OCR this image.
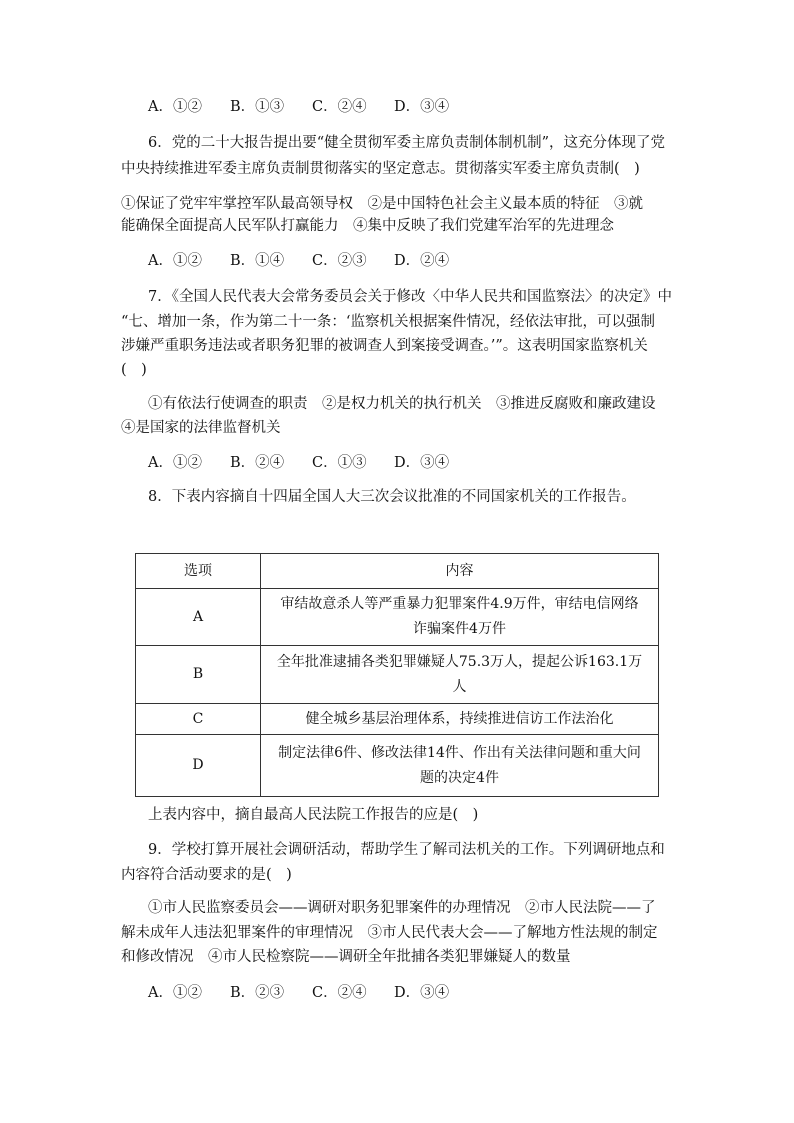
A．①② B．①③ C．②④ D．③④
6．党的二十大报告提出要“健全贯彻军委主席负责制体制机制”，这充分体现了党
中央持续推进军委主席负责制贯彻落实的坚定意志。贯彻落实军委主席负责制(　)
①保证了党牢牢掌控军队最高领导权　②是中国特色社会主义最本质的特征　③就
能确保全面提高人民军队打赢能力　④集中反映了我们党建军治军的先进理念
A．①② B．①④ C．②③ D．②④
7．《全国人民代表大会常务委员会关于修改〈中华人民共和国监察法〉的决定》中
“七、增加一条，作为第二十一条：‘监察机关根据案件情况，经依法审批，可以强制
涉嫌严重职务违法或者职务犯罪的被调查人到案接受调查。’”。这表明国家监察机关
(　)
①有依法行使调查的职责　②是权力机关的执行机关　③推进反腐败和廉政建设
④是国家的法律监督机关
A．①② B．②④ C．①③ D．③④
8．下表内容摘自十四届全国人大三次会议批准的不同国家机关的工作报告。
选项	内容
A	审结故意杀人等严重暴力犯罪案件4.9万件，审结电信网络
诈骗案件4万件
B	全年批准逮捕各类犯罪嫌疑人75.3万人，提起公诉163.1万
人
C	健全城乡基层治理体系，持续推进信访工作法治化
D	制定法律6件、修改法律14件、作出有关法律问题和重大问
题的决定4件
上表内容中，摘自最高人民法院工作报告的应是(　)
9．学校打算开展社会调研活动，帮助学生了解司法机关的工作。下列调研地点和
内容符合活动要求的是(　)
①市人民监察委员会——调研对职务犯罪案件的办理情况　②市人民法院——了
解未成年人违法犯罪案件的审理情况　③市人民代表大会——了解地方性法规的制定
和修改情况　④市人民检察院——调研全年批捕各类犯罪嫌疑人的数量
A．①② B．②③ C．②④ D．③④
